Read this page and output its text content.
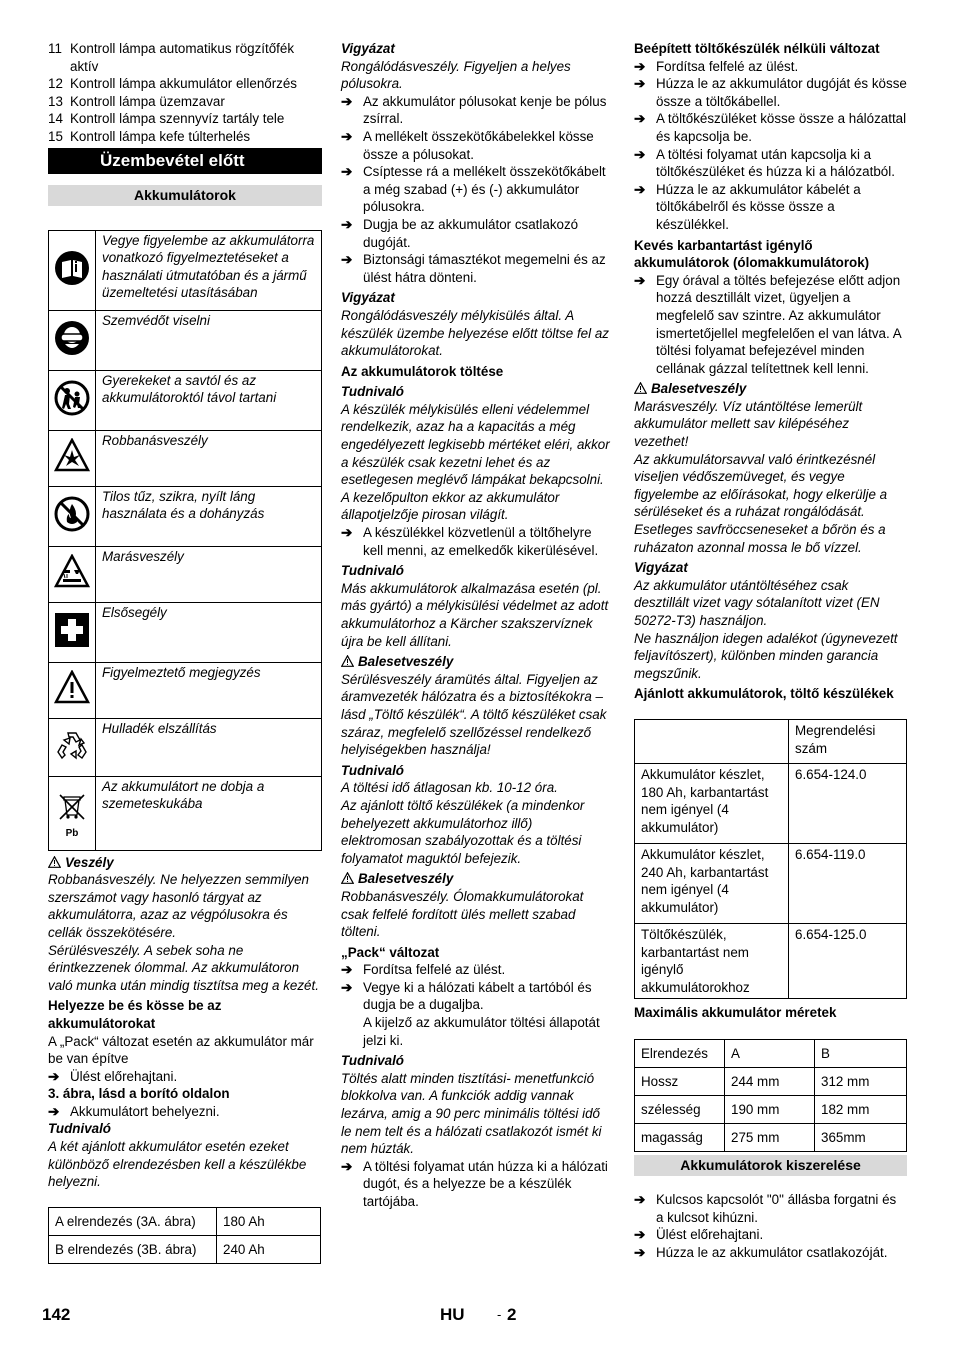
11 Kontroll lámpa automatikus rögzítőfék aktív
12 Kontroll lámpa akkumulátor ellenőrzés
13 Kontroll lámpa üzemzavar
14 Kontroll lámpa szennyvíz tartály tele
15 Kontroll lámpa kefe túlterhelés
Üzembevétel előtt
Akkumulátorok
	Vegye figyelembe az akkumulátorra vonatkozó figyelmeztetéseket a használati útmutatóban és a jármű üzemeltetési utasításában

	Szemvédőt viselni

	Gyerekeket a savtól és az akkumulátoroktól távol tartani

	Robbanásveszély

	Tilos tűz, szikra, nyílt láng használata és a dohányzás

	Marásveszély

	Elsősegély

	Figyelmeztető megjegyzés

	Hulladék elszállítás

Pb	Az akkumulátort ne dobja a szemeteskukába

Veszély

Robbanásveszély. Ne helyezzen semmilyen szerszámot vagy hasonló tárgyat az akkumulátorra, azaz az végpólusokra és cellák összekötésére.

Sérülésveszély. A sebek soha ne érintkezzenek ólommal. Az akkumulátoron való munka után mindig tisztítsa meg a kezét.

Helyezze be és kösse be az akkumulátorokat

A „Pack“ változat esetén az akkumulátor már be van építve

➔ Ülést előrehajtani.

3. ábra, lásd a borító oldalon

➔ Akkumulátort behelyezni.

Tudnivaló

A két ajánlott akkumulátor esetén ezeket különböző elrendezésben kell a készülékbe helyezni.

A elrendezés (3A. ábra)	180 Ah
B elrendezés (3B. ábra)	240 Ah

Vigyázat

Rongálódásveszély. Figyeljen a helyes pólusokra.

➔ Az akkumulátor pólusokat kenje be pólus zsírral.
➔ A mellékelt összekötőkábelekkel kösse össze a pólusokat.
➔ Csíptesse rá a mellékelt összekötőkábelt a még szabad (+) és (-) akkumulátor pólusokra.
➔ Dugja be az akkumulátor csatlakozó dugóját.
➔ Biztonsági támasztékot megemelni és az ülést hátra dönteni.

Vigyázat

Rongálódásveszély mélykisülés által. A készülék üzembe helyezése előtt töltse fel az akkumulátorokat.

Az akkumulátorok töltése

Tudnivaló

A készülék mélykisülés elleni védelemmel rendelkezik, azaz ha a kapacitás a még engedélyezett legkisebb mértéket eléri, akkor a készülék csak kezetni lehet és az esetlegesen meglévő lámpákat bekapcsolni. A kezelőpulton ekkor az akkumulátor állapotjelzője pirosan világít.

➔ A készülékkel közvetlenül a töltőhelyre kell menni, az emelkedők kikerülésével.

Tudnivaló

Más akkumulátorok alkalmazása esetén (pl. más gyártó) a mélykisülési védelmet az adott akkumulátorhoz a Kärcher szakszervíznek újra be kell állítani.

Balesetveszély

Sérülésveszély áramütés által. Figyeljen az áramvezeték hálózatra és a biztosítékokra – lásd „Töltő készülék“. A töltő készüléket csak száraz, megfelelő szellőzéssel rendelkező helyiségekben használja!

Tudnivaló

A töltési idő átlagosan kb. 10-12 óra.

Az ajánlott töltő készülékek (a mindenkor behelyezett akkumulátorhoz illő) elektromosan szabályozottak és a töltési folyamatot maguktól befejezik.

Balesetveszély

Robbanásveszély. Ólomakkumulátorokat csak felfelé fordított ülés mellett szabad tölteni.

„Pack“ változat

➔ Fordítsa felfelé az ülést.
➔ Vegye ki a hálózati kábelt a tartóból és dugja be a dugaljba.
A kijelző az akkumulátor töltési állapotát jelzi ki.

Tudnivaló

Töltés alatt minden tisztítási- menetfunkció blokkolva van. A funkciók addig vannak lezárva, amig a 90 perc minimális töltési idő le nem telt és a hálózati csatlakozót ismét ki nem húzták.

➔ A töltési folyamat után húzza ki a hálózati dugót, és a helyezze be a készülék tartójába.

Beépített töltőkészülék nélküli változat

➔ Fordítsa felfelé az ülést.
➔ Húzza le az akkumulátor dugóját és kösse össze a töltőkábellel.
➔ A töltőkészüléket kösse össze a hálózattal és kapcsolja be.
➔ A töltési folyamat után kapcsolja ki a töltőkészüléket és húzza ki a hálózatból.
➔ Húzza le az akkumulátor kábelét a töltőkábelről és kösse össze a készülékkel.

Kevés karbantartást igénylő akkumulátorok (ólomakkumulátorok)

➔ Egy órával a töltés befejezése előtt adjon hozzá desztillált vizet, ügyeljen a megfelelő sav szintre. Az akkumulátor ismertetőjellel megfelelően el van látva. A töltési folyamat befejezével minden cellának gázzal telítettnek kell lenni.

Balesetveszély

Marásveszély. Víz utántöltése lemerült akkumulátor mellett sav kilépéséhez vezethet!

Az akkumulátorsavval való érintkezésnél viseljen védőszemüveget, és vegye figyelembe az előírásokat, hogy elkerülje a sérüléseket és a ruházat rongálódását.

Esetleges savfröccseneseket a bőrön és a ruházaton azonnal mossa le bő vízzel.

Vigyázat

Az akkumulátor utántöltéséhez csak desztillált vizet vagy sótalanított vizet (EN 50272-T3) használjon.

Ne használjon idegen adalékot (úgynevezett feljavítószert), különben minden garancia megszűnik.

Ajánlott akkumulátorok, töltő készülékek

	Megrendelési szám
Akkumulátor készlet, 180 Ah, karbantartást nem igényel (4 akkumulátor)	6.654-124.0
Akkumulátor készlet, 240 Ah, karbantartást nem igényel (4 akkumulátor)	6.654-119.0
Töltőkészülék, karbantartást nem igénylő akkumulátorokhoz	6.654-125.0

Maximális akkumulátor méretek

Elrendezés	A	B
Hossz	244 mm	312 mm
szélesség	190 mm	182 mm
magasság	275 mm	365mm
Akkumulátorok kiszerelése
➔ Kulcsos kapcsolót "0" állásba forgatni és a kulcsot kihúzni.
➔ Ülést előrehajtani.
➔ Húzza le az akkumulátor csatlakozóját.
142	HU - 2
